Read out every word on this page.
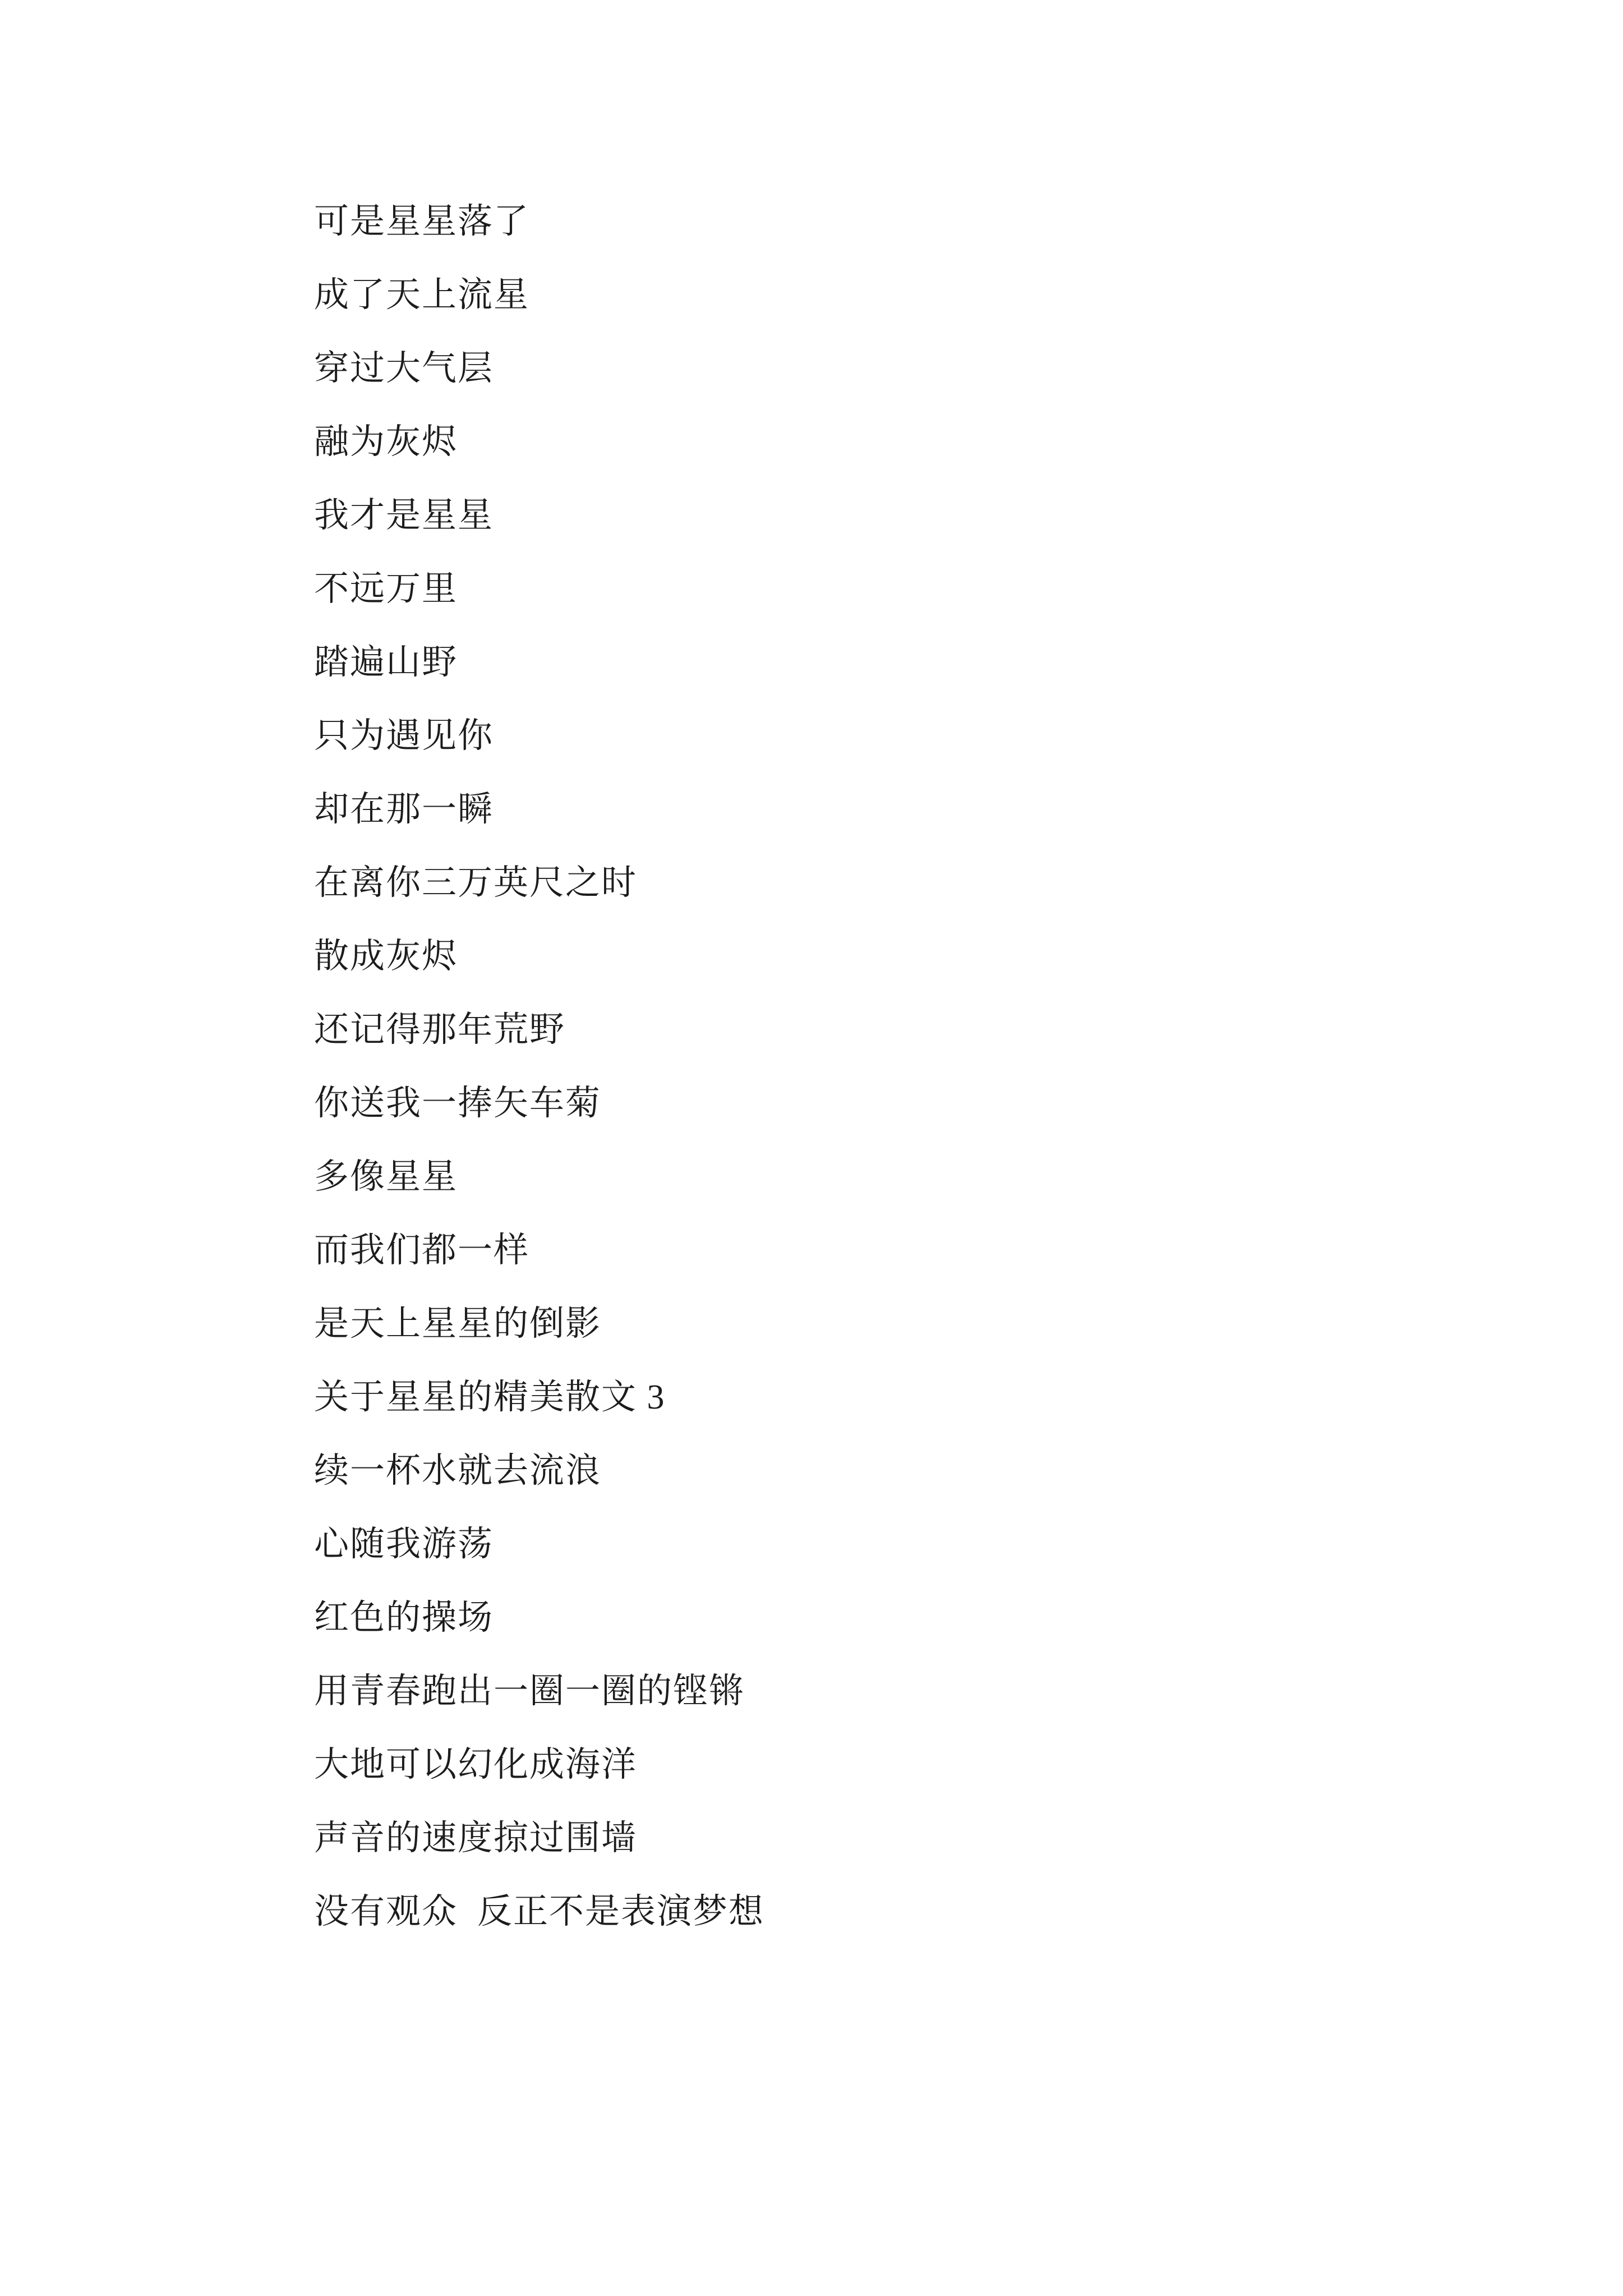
可是星星落了
成了天上流星
穿过大气层
融为灰烬
我才是星星
不远万里
踏遍山野
只为遇见你
却在那一瞬
在离你三万英尺之时
散成灰烬
还记得那年荒野
你送我一捧矢车菊
多像星星
而我们都一样
是天上星星的倒影
关于星星的精美散文 3
续一杯水就去流浪
心随我游荡
红色的操场
用青春跑出一圈一圈的铿锵
大地可以幻化成海洋
声音的速度掠过围墙
没有观众  反正不是表演梦想
